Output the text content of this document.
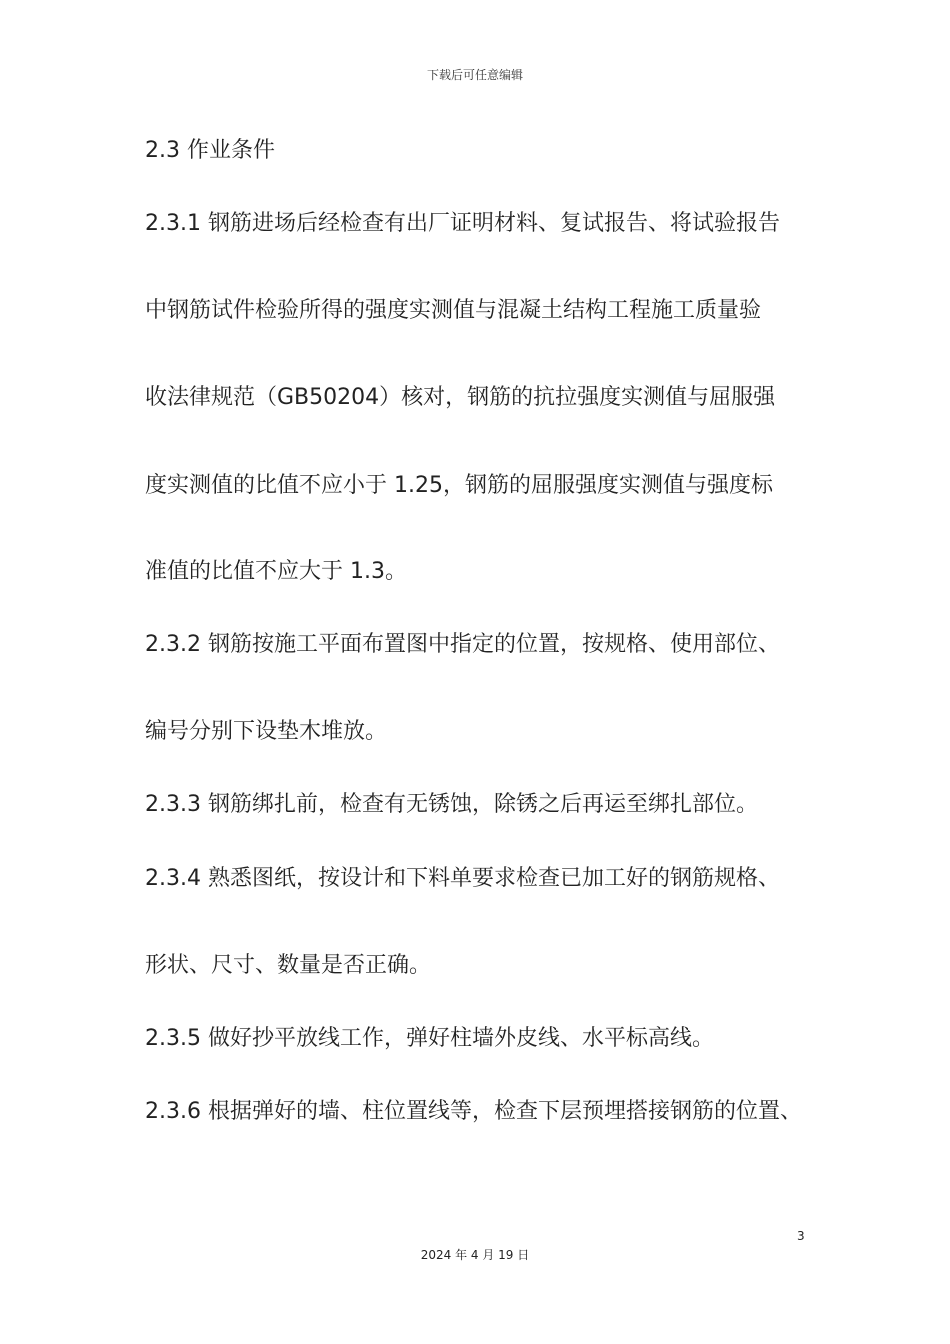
下载后可任意编辑
2.3 作业条件
2.3.1 钢筋进场后经检查有出厂证明材料、复试报告、将试验报告
中钢筋试件检验所得的强度实测值与混凝土结构工程施工质量验
收法律规范（GB50204）核对，钢筋的抗拉强度实测值与屈服强
度实测值的比值不应小于 1.25，钢筋的屈服强度实测值与强度标
准值的比值不应大于 1.3。
2.3.2 钢筋按施工平面布置图中指定的位置，按规格、使用部位、
编号分别下设垫木堆放。
2.3.3 钢筋绑扎前，检查有无锈蚀，除锈之后再运至绑扎部位。
2.3.4 熟悉图纸，按设计和下料单要求检查已加工好的钢筋规格、
形状、尺寸、数量是否正确。
2.3.5 做好抄平放线工作，弹好柱墙外皮线、水平标高线。
2.3.6 根据弹好的墙、柱位置线等，检查下层预埋搭接钢筋的位置、
3
2024 年 4 月 19 日
